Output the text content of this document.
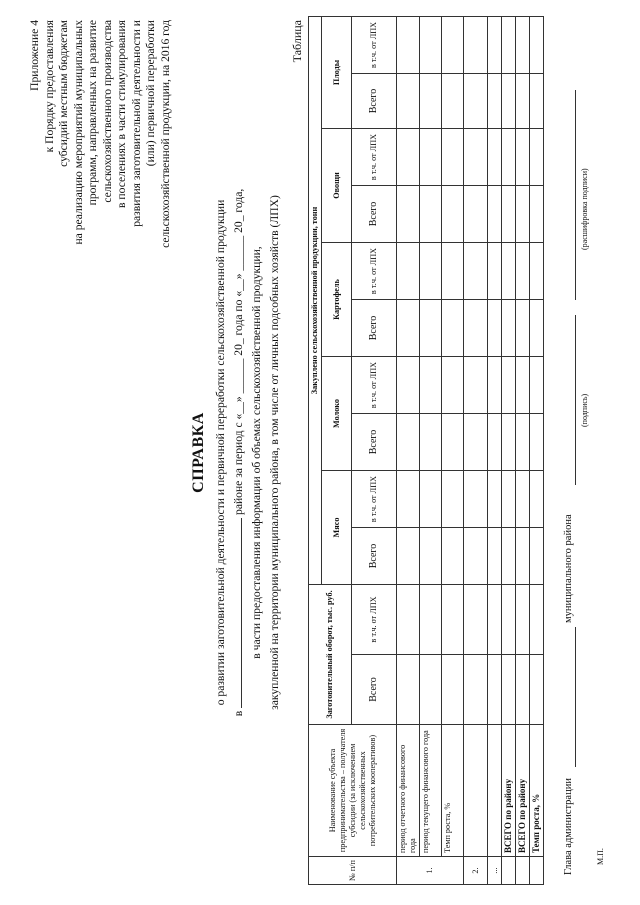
Приложение 4 к Порядку предоставления субсидий местным бюджетам на реализацию мероприятий муниципальных программ, направленных на развитие сельскохозяйственного производства в поселениях в части стимулирования развития заготовительной деятельности и (или) первичной переработки сельскохозяйственной продукции, на 2016 год	Таблица
СПРАВКА о развитии заготовительной деятельности и первичной переработки сельскохозяйственной продукции
в  районе за период с «__» ______ 20_ года по «__» ______ 20_ года, в части предоставления информации об объемах сельскохозяйственной продукции, закупленной на территории муниципального района, в том числе от личных подсобных хозяйств (ЛПХ)
№ п/п	Наименование субъекта предпринимательства – получателя субсидии (за исключением сельскохозяйственных потребительских кооперативов)	Заготовительный оборот, тыс. руб.		Закуплено сельскохозяйственной продукции, тонн									
				Мясо		Молоко		Картофель		Овощи		Плоды	
		Всего	в т.ч. от ЛПХ	Всего	в т.ч. от ЛПХ	Всего	в т.ч. от ЛПХ	Всего	в т.ч. от ЛПХ	Всего	в т.ч. от ЛПХ	Всего	в т.ч. от ЛПХ
1.	период отчетного финансового года												
	период текущего финансового года												
	Темп роста, %												
2.													
...													
	ВСЕГО по району												
	ВСЕГО по району												
	Темп роста, %												Глава администрации
муниципального района
(подпись)
(расшифровка подписи)
М.П.
